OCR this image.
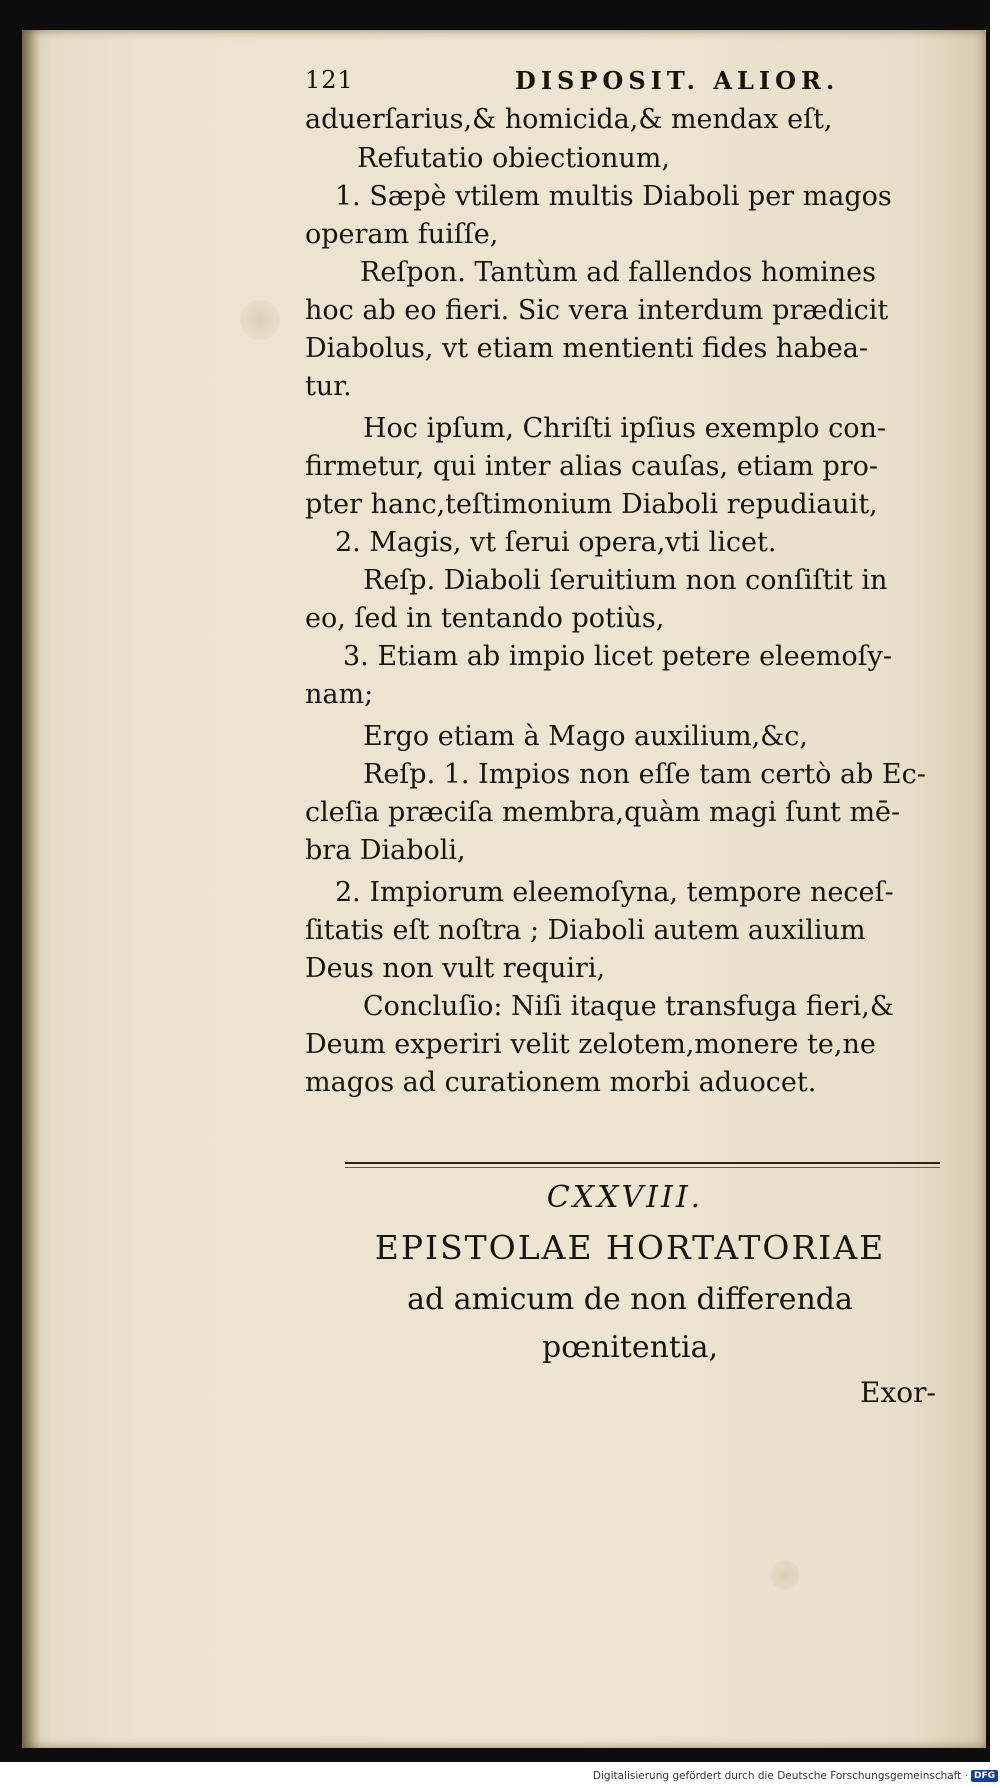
121	DISPOSIT. ALIOR.
aduerſarius,& homicida,& mendax eſt,
Refutatio obiectionum,
1. Sæpè vtilem multis Diaboli per magos
operam fuiſſe,
Reſpon. Tantùm ad fallendos homines
hoc ab eo fieri. Sic vera interdum prædicit
Diabolus, vt etiam mentienti fides habea-
tur.
Hoc ipſum, Chriſti ipſius exemplo con-
firmetur, qui inter alias cauſas, etiam pro-
pter hanc,teſtimonium Diaboli repudiauit,
2. Magis, vt ſerui opera,vti licet.
Reſp. Diaboli ſeruitium non conſiſtit in
eo, ſed in tentando potiùs,
3. Etiam ab impio licet petere eleemoſy-
nam;
Ergo etiam à Mago auxilium,&c,
Reſp. 1. Impios non eſſe tam certò ab Ec-
cleſia præciſa membra,quàm magi ſunt mē-
bra Diaboli,
2. Impiorum eleemoſyna, tempore neceſ-
ſitatis eſt noſtra ; Diaboli autem auxilium
Deus non vult requiri,
Concluſio: Niſi itaque transfuga fieri,&
Deum experiri velit zelotem,monere te,ne
magos ad curationem morbi aduocet.
CXXVIII.
EPISTOLAE HORTATORIAE
ad amicum de non differenda
pœnitentia,
Exor-
Digitalisierung gefördert durch die Deutsche Forschungsgemeinschaft · DFG
